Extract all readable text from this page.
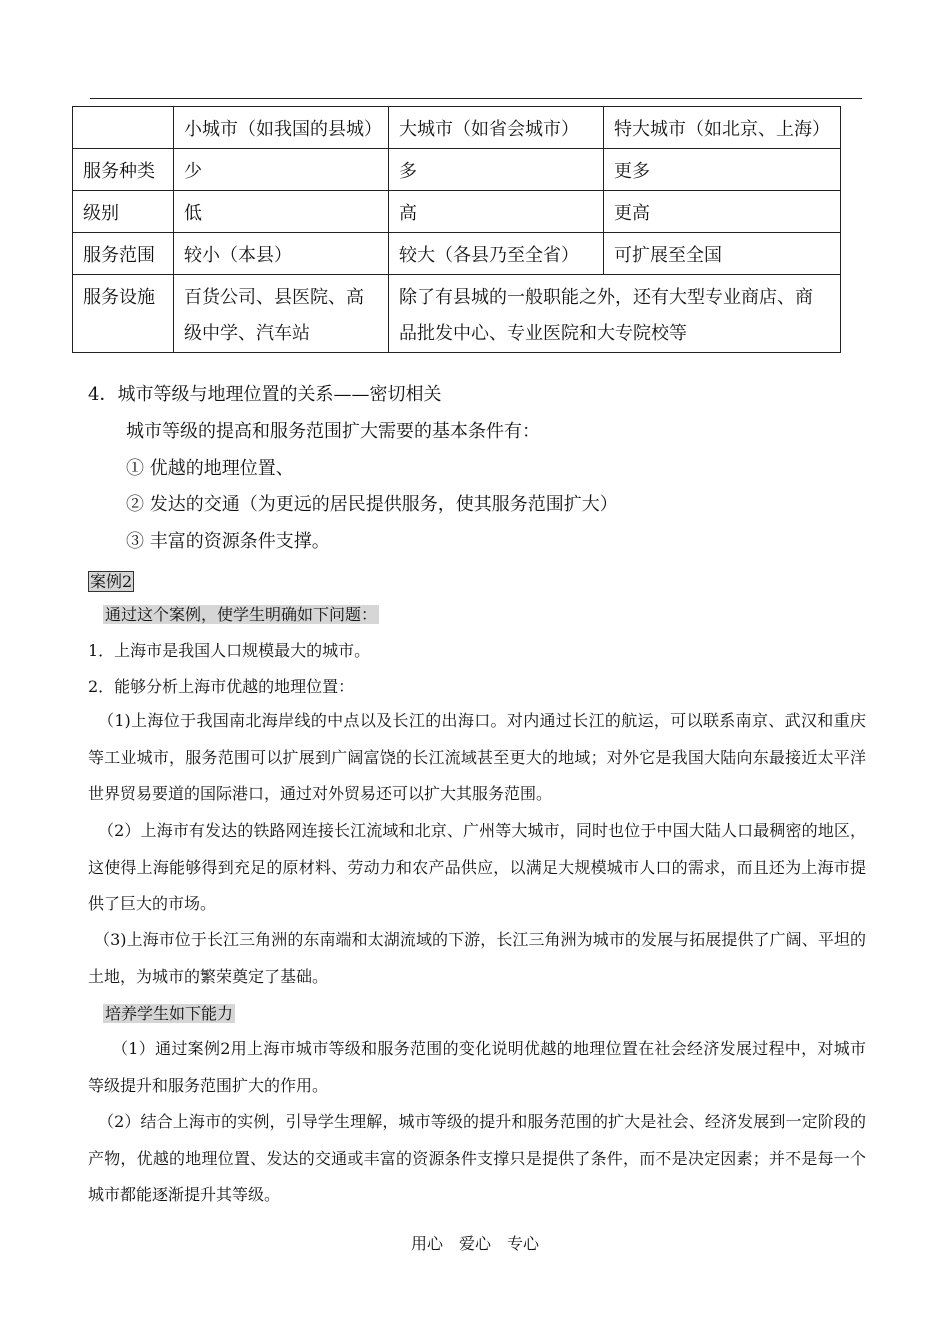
	小城市（如我国的县城）	大城市（如省会城市）	特大城市（如北京、上海）
服务种类	少	多	更多
级别	低	高	更高
服务范围	较小（本县）	较大（各县乃至全省）	可扩展至全国
服务设施	百货公司、县医院、高级中学、汽车站	除了有县城的一般职能之外，还有大型专业商店、商品批发中心、专业医院和大专院校等	
4．城市等级与地理位置的关系——密切相关
城市等级的提高和服务范围扩大需要的基本条件有：
① 优越的地理位置、
② 发达的交通（为更远的居民提供服务，使其服务范围扩大）
③ 丰富的资源条件支撑。
案例2
通过这个案例，使学生明确如下问题：
1．上海市是我国人口规模最大的城市。
2．能够分析上海市优越的地理位置：
（1)上海位于我国南北海岸线的中点以及长江的出海口。对内通过长江的航运，可以联系南京、武汉和重庆等工业城市，服务范围可以扩展到广阔富饶的长江流域甚至更大的地域；对外它是我国大陆向东最接近太平洋世界贸易要道的国际港口，通过对外贸易还可以扩大其服务范围。
（2）上海市有发达的铁路网连接长江流域和北京、广州等大城市，同时也位于中国大陆人口最稠密的地区，这使得上海能够得到充足的原材料、劳动力和农产品供应，以满足大规模城市人口的需求，而且还为上海市提供了巨大的市场。
（3)上海市位于长江三角洲的东南端和太湖流域的下游，长江三角洲为城市的发展与拓展提供了广阔、平坦的土地，为城市的繁荣奠定了基础。
培养学生如下能力
（1）通过案例2用上海市城市等级和服务范围的变化说明优越的地理位置在社会经济发展过程中，对城市等级提升和服务范围扩大的作用。
（2）结合上海市的实例，引导学生理解，城市等级的提升和服务范围的扩大是社会、经济发展到一定阶段的产物，优越的地理位置、发达的交通或丰富的资源条件支撑只是提供了条件，而不是决定因素；并不是每一个城市都能逐渐提升其等级。
用心　爱心　专心
